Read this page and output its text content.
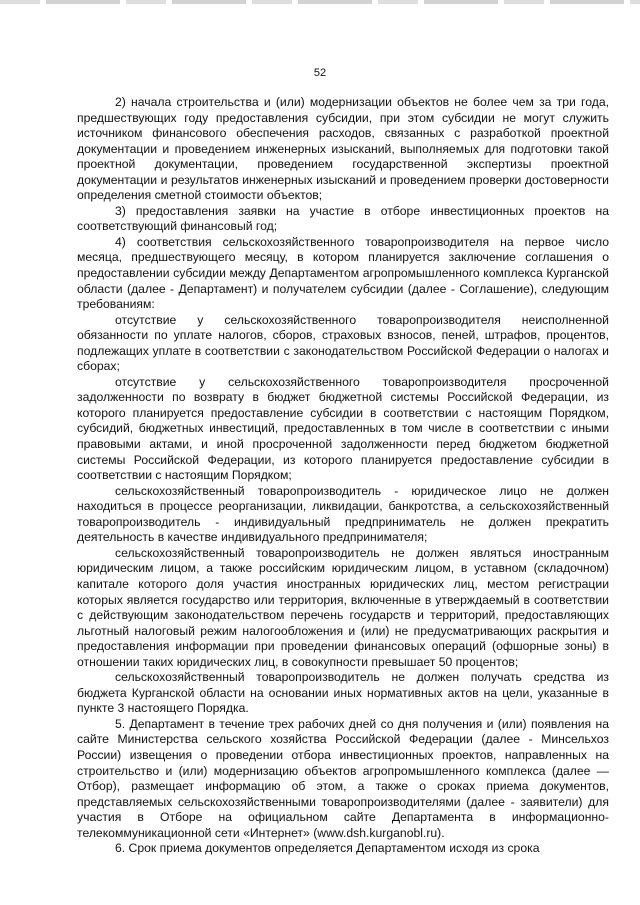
52

2) начала строительства и (или) модернизации объектов не более чем за три года, предшествующих году предоставления субсидии, при этом субсидии не могут служить источником финансового обеспечения расходов, связанных с разработкой проектной документации и проведением инженерных изысканий, выполняемых для подготовки такой проектной документации, проведением государственной экспертизы проектной документации и результатов инженерных изысканий и проведением проверки достоверности определения сметной стоимости объектов;

3) предоставления заявки на участие в отборе инвестиционных проектов на соответствующий финансовый год;

4) соответствия сельскохозяйственного товаропроизводителя на первое число месяца, предшествующего месяцу, в котором планируется заключение соглашения о предоставлении субсидии между Департаментом агропромышленного комплекса Курганской области (далее - Департамент) и получателем субсидии (далее - Соглашение), следующим требованиям:

отсутствие у сельскохозяйственного товаропроизводителя неисполненной обязанности по уплате налогов, сборов, страховых взносов, пеней, штрафов, процентов, подлежащих уплате в соответствии с законодательством Российской Федерации о налогах и сборах;

отсутствие у сельскохозяйственного товаропроизводителя просроченной задолженности по возврату в бюджет бюджетной системы Российской Федерации, из которого планируется предоставление субсидии в соответствии с настоящим Порядком, субсидий, бюджетных инвестиций, предоставленных в том числе в соответствии с иными правовыми актами, и иной просроченной задолженности перед бюджетом бюджетной системы Российской Федерации, из которого планируется предоставление субсидии в соответствии с настоящим Порядком;

сельскохозяйственный товаропроизводитель - юридическое лицо не должен находиться в процессе реорганизации, ликвидации, банкротства, а сельскохозяйственный товаропроизводитель - индивидуальный предприниматель не должен прекратить деятельность в качестве индивидуального предпринимателя;

сельскохозяйственный товаропроизводитель не должен являться иностранным юридическим лицом, а также российским юридическим лицом, в уставном (складочном) капитале которого доля участия иностранных юридических лиц, местом регистрации которых является государство или территория, включенные в утверждаемый в соответствии с действующим законодательством перечень государств и территорий, предоставляющих льготный налоговый режим налогообложения и (или) не предусматривающих раскрытия и предоставления информации при проведении финансовых операций (офшорные зоны) в отношении таких юридических лиц, в совокупности превышает 50 процентов;

сельскохозяйственный товаропроизводитель не должен получать средства из бюджета Курганской области на основании иных нормативных актов на цели, указанные в пункте 3 настоящего Порядка.

5. Департамент в течение трех рабочих дней со дня получения и (или) появления на сайте Министерства сельского хозяйства Российской Федерации (далее - Минсельхоз России) извещения о проведении отбора инвестиционных проектов, направленных на строительство и (или) модернизацию объектов агропромышленного комплекса (далее — Отбор), размещает информацию об этом, а также о сроках приема документов, представляемых сельскохозяйственными товаропроизводителями (далее - заявители) для участия в Отборе на официальном сайте Департамента в информационно-телекоммуникационной сети «Интернет» (www.dsh.kurganobl.ru).

6. Срок приема документов определяется Департаментом исходя из срока
